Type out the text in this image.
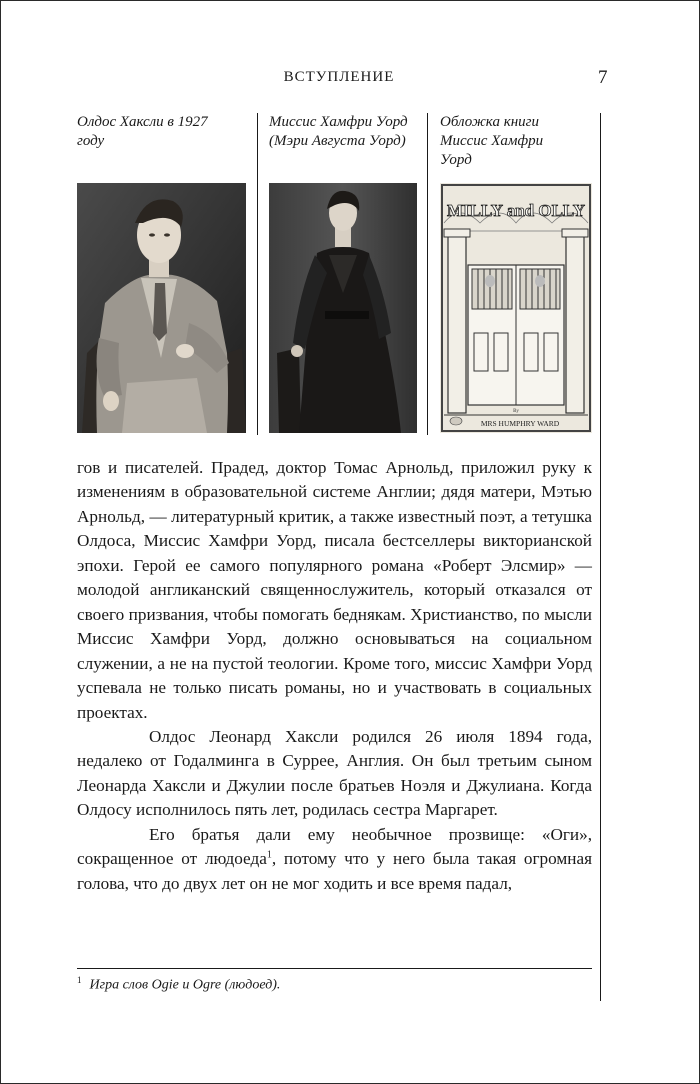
ВСТУПЛЕНИЕ	7
Олдос Хаксли в 1927 году
Миссис Хамфри Уорд (Мэри Августа Уорд)
Обложка книги Миссис Хамфри Уорд
MILLY and OLLY
By
MRS HUMPHRY WARD

гов и писателей. Прадед, доктор Томас Арнольд, приложил руку к изменениям в образовательной системе Англии; дядя матери, Мэтью Арнольд, — литературный критик, а также известный поэт, а тетушка Олдоса, Миссис Хамфри Уорд, писала бестселлеры викторианской эпохи. Герой ее самого популярного романа «Роберт Элсмир» — молодой англиканский священнослужитель, который отказался от своего призвания, чтобы помогать беднякам. Христианство, по мысли Миссис Хамфри Уорд, должно основываться на социальном служении, а не на пустой теологии. Кроме того, миссис Хамфри Уорд успевала не только писать романы, но и участвовать в социальных проектах.

Олдос Леонард Хаксли родился 26 июля 1894 года, недалеко от Годалминга в Суррее, Англия. Он был третьим сыном Леонарда Хаксли и Джулии после братьев Ноэля и Джулиана. Когда Олдосу исполнилось пять лет, родилась сестра Маргарет.

Его братья дали ему необычное прозвище: «Оги», сокращенное от людоеда$^1$, потому что у него была такая огромная голова, что до двух лет он не мог ходить и все время падал,

$^1$ Игра слов Ogie и Ogre (людоед).
